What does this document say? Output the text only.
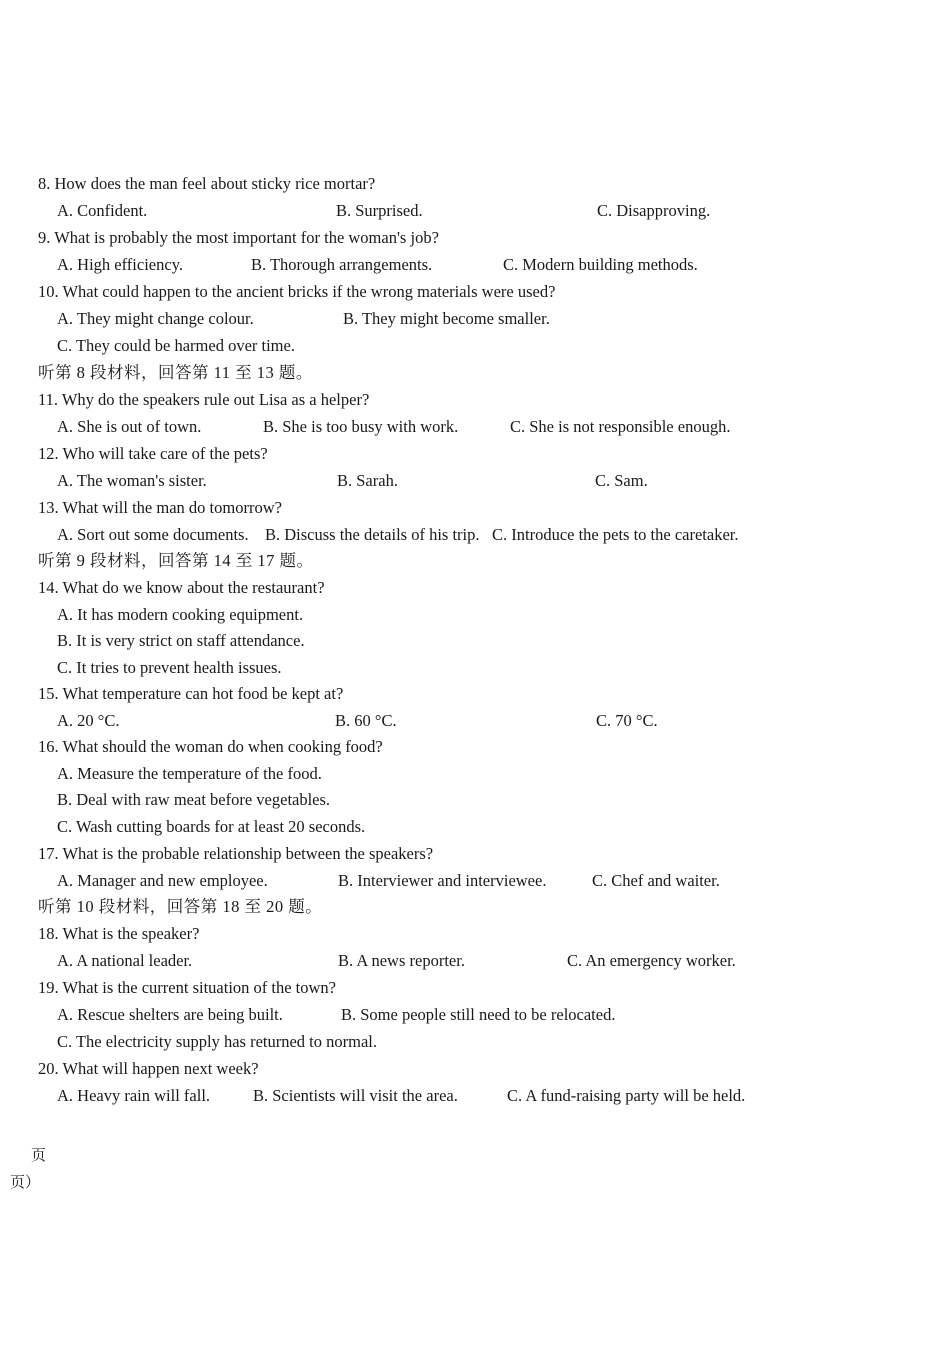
8. How does the man feel about sticky rice mortar?
A. Confident.	B. Surprised.	C. Disapproving.
9. What is probably the most important for the woman's job?
A. High efficiency.	B. Thorough arrangements.	C. Modern building methods.
10. What could happen to the ancient bricks if the wrong materials were used?
A. They might change colour.	B. They might become smaller.
C. They could be harmed over time.
听第 8 段材料，回答第 11 至 13 题。
11. Why do the speakers rule out Lisa as a helper?
A. She is out of town.	B. She is too busy with work.	C. She is not responsible enough.
12. Who will take care of the pets?
A. The woman's sister.	B. Sarah.	C. Sam.
13. What will the man do tomorrow?
A. Sort out some documents. B. Discuss the details of his trip. C. Introduce the pets to the caretaker.
听第 9 段材料，回答第 14 至 17 题。
14. What do we know about the restaurant?
A. It has modern cooking equipment.
B. It is very strict on staff attendance.
C. It tries to prevent health issues.
15. What temperature can hot food be kept at?
A. 20 °C.	B. 60 °C.	C. 70 °C.
16. What should the woman do when cooking food?
A. Measure the temperature of the food.
B. Deal with raw meat before vegetables.
C. Wash cutting boards for at least 20 seconds.
17. What is the probable relationship between the speakers?
A. Manager and new employee.	B. Interviewer and interviewee.	C. Chef and waiter.
听第 10 段材料，回答第 18 至 20 题。
18. What is the speaker?
A. A national leader.	B. A news reporter.	C. An emergency worker.
19. What is the current situation of the town?
A. Rescue shelters are being built.	B. Some people still need to be relocated.
C. The electricity supply has returned to normal.
20. What will happen next week?
A. Heavy rain will fall.	B. Scientists will visit the area.	C. A fund-raising party will be held.
页
页）
